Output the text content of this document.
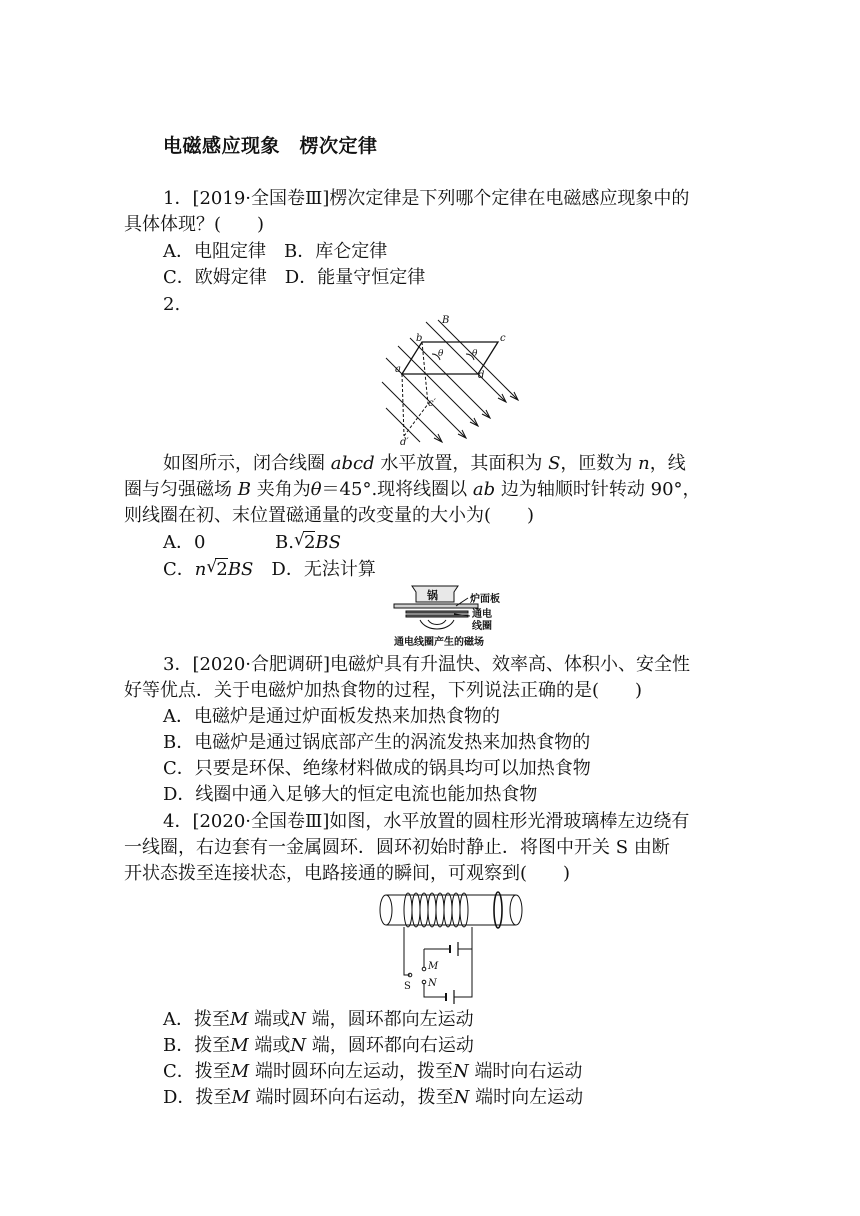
电磁感应现象　楞次定律
1．[2019·全国卷Ⅲ]楞次定律是下列哪个定律在电磁感应现象中的
具体体现？(　　)
A．电阻定律　 B．库仑定律
C．欧姆定律　 D．能量守恒定律
2.
B
b	c
a
d
c′
d′
θ	θ
如图所示，闭合线圈 abcd 水平放置，其面积为 S，匝数为 n，线
圈与匀强磁场 B 夹角为θ＝45°.现将线圈以 ab 边为轴顺时针转动 90°，
则线圈在初、末位置磁通量的改变量的大小为(　　)
A．0	B. √ 2BS
C．n √ 2BS　 D．无法计算
锅	炉面板
通电
线圈
通电线圈产生的磁场
3．[2020·合肥调研]电磁炉具有升温快、效率高、体积小、安全性
好等优点．关于电磁炉加热食物的过程，下列说法正确的是(　　)
A．电磁炉是通过炉面板发热来加热食物的
B．电磁炉是通过锅底部产生的涡流发热来加热食物的
C．只要是环保、绝缘材料做成的锅具均可以加热食物
D．线圈中通入足够大的恒定电流也能加热食物
4．[2020·全国卷Ⅲ]如图，水平放置的圆柱形光滑玻璃棒左边绕有
一线圈，右边套有一金属圆环．圆环初始时静止．将图中开关 S 由断
开状态拨至连接状态，电路接通的瞬间，可观察到(　　)
M
N
S
A．拨至M 端或N 端，圆环都向左运动
B．拨至M 端或N 端，圆环都向右运动
C．拨至M 端时圆环向左运动，拨至N 端时向右运动
D．拨至M 端时圆环向右运动，拨至N 端时向左运动
